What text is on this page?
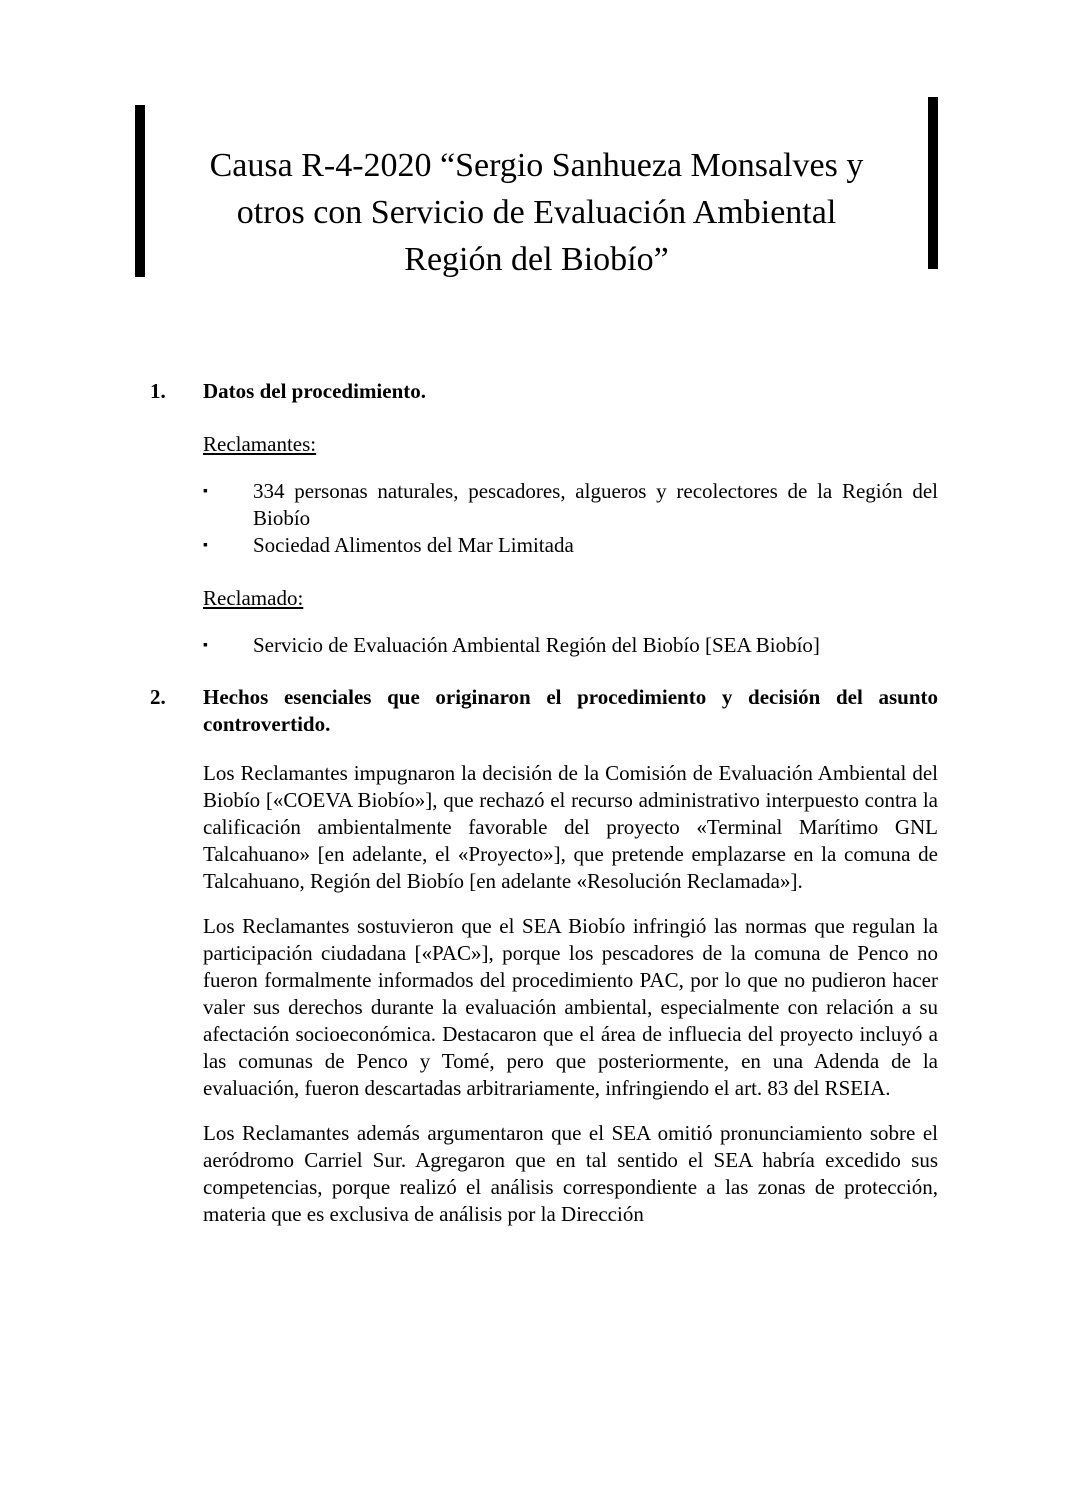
Causa R-4-2020 “Sergio Sanhueza Monsalves y
otros con Servicio de Evaluación Ambiental
Región del Biobío”
1.	Datos del procedimiento.

Reclamantes:

▪	334 personas naturales, pescadores, algueros y recolectores de la Región del Biobío
▪	Sociedad Alimentos del Mar Limitada

Reclamado:

▪	Servicio de Evaluación Ambiental Región del Biobío [SEA Biobío]
2.	Hechos esenciales que originaron el procedimiento y decisión del asunto controvertido.

Los Reclamantes impugnaron la decisión de la Comisión de Evaluación Ambiental del Biobío [«COEVA Biobío»], que rechazó el recurso administrativo interpuesto contra la calificación ambientalmente favorable del proyecto «Terminal Marítimo GNL Talcahuano» [en adelante, el «Proyecto»], que pretende emplazarse en la comuna de Talcahuano, Región del Biobío [en adelante «Resolución Reclamada»].

Los Reclamantes sostuvieron que el SEA Biobío infringió las normas que regulan la participación ciudadana [«PAC»], porque los pescadores de la comuna de Penco no fueron formalmente informados del procedimiento PAC, por lo que no pudieron hacer valer sus derechos durante la evaluación ambiental, especialmente con relación a su afectación socioeconómica. Destacaron que el área de influecia del proyecto incluyó a las comunas de Penco y Tomé, pero que posteriormente, en una Adenda de la evaluación, fueron descartadas arbitrariamente, infringiendo el art. 83 del RSEIA.

Los Reclamantes además argumentaron que el SEA omitió pronunciamiento sobre el aeródromo Carriel Sur. Agregaron que en tal sentido el SEA habría excedido sus competencias, porque realizó el análisis correspondiente a las zonas de protección, materia que es exclusiva de análisis por la Dirección
